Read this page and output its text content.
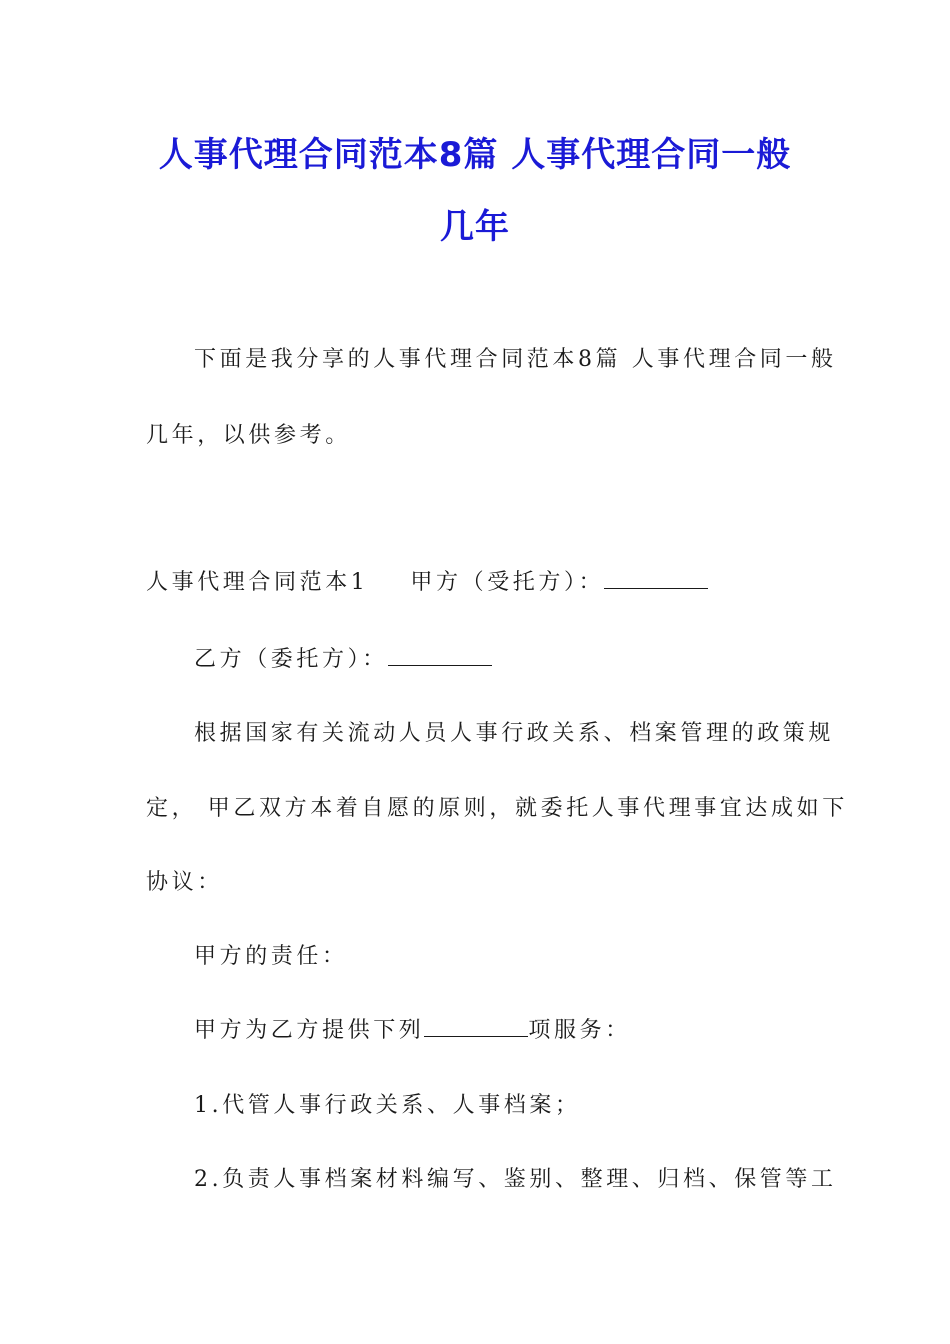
人事代理合同范本8篇 人事代理合同一般
几年
下面是我分享的人事代理合同范本8篇 人事代理合同一般
几年，以供参考。
人事代理合同范本1 甲方（受托方）：
乙方（委托方）：
根据国家有关流动人员人事行政关系、档案管理的政策规
定， 甲乙双方本着自愿的原则，就委托人事代理事宜达成如下
协议：
甲方的责任：
甲方为乙方提供下列	项服务：
1.代管人事行政关系、人事档案；
2.负责人事档案材料编写、鉴别、整理、归档、保管等工
